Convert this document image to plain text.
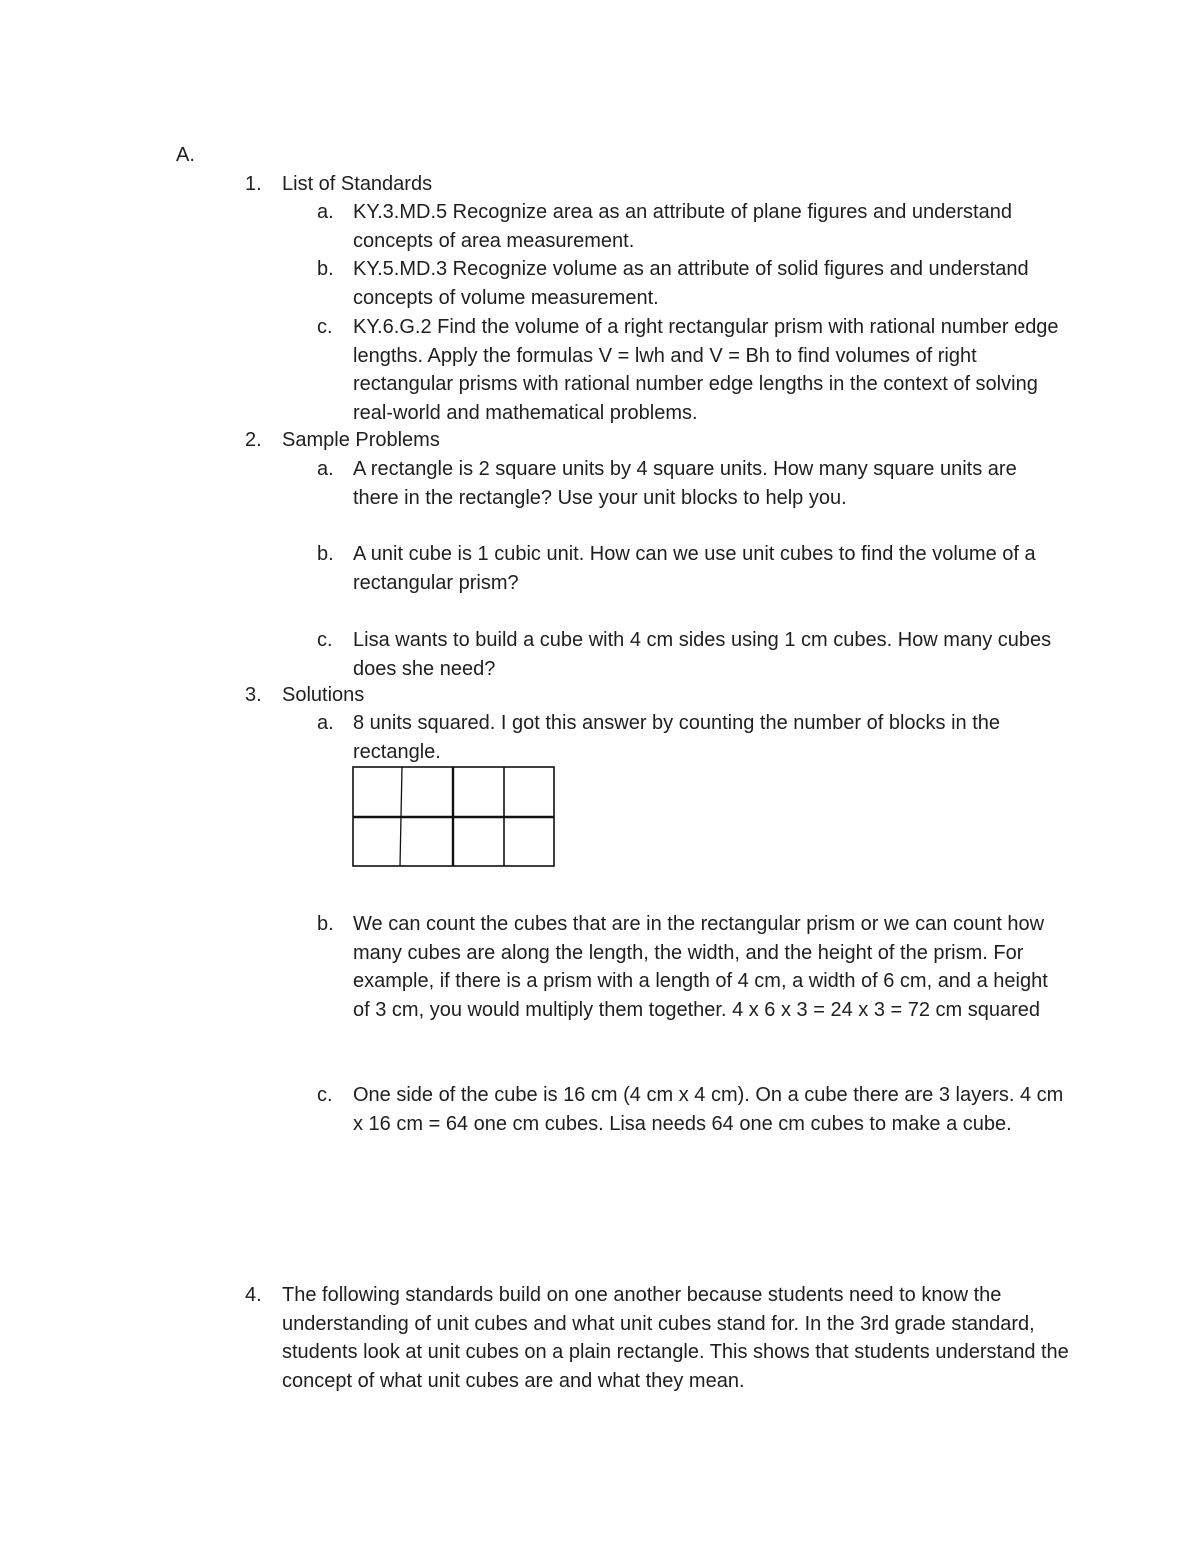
A.
1.	List of Standards
a. KY.3.MD.5 Recognize area as an attribute of plane figures and understand concepts of area measurement.
b. KY.5.MD.3 Recognize volume as an attribute of solid figures and understand concepts of volume measurement.
c.	KY.6.G.2 Find the volume of a right rectangular prism with rational number edge lengths. Apply the formulas V = lwh and V = Bh to find volumes of right rectangular prisms with rational number edge lengths in the context of solving real-world and mathematical problems.
2.	Sample Problems
a. A rectangle is 2 square units by 4 square units. How many square units are there in the rectangle? Use your unit blocks to help you.
b. A unit cube is 1 cubic unit. How can we use unit cubes to find the volume of a rectangular prism?
c.	Lisa wants to build a cube with 4 cm sides using 1 cm cubes. How many cubes does she need?
3.	Solutions
a. 8 units squared. I got this answer by counting the number of blocks in the rectangle.
b. We can count the cubes that are in the rectangular prism or we can count how many cubes are along the length, the width, and the height of the prism. For example, if there is a prism with a length of 4 cm, a width of 6 cm, and a height of 3 cm, you would multiply them together. 4 x 6 x 3 = 24 x 3 = 72 cm squared
c.	One side of the cube is 16 cm (4 cm x 4 cm). On a cube there are 3 layers. 4 cm x 16 cm = 64 one cm cubes. Lisa needs 64 one cm cubes to make a cube.
4.	The following standards build on one another because students need to know the understanding of unit cubes and what unit cubes stand for. In the 3rd grade standard, students look at unit cubes on a plain rectangle. This shows that students understand the concept of what unit cubes are and what they mean.
